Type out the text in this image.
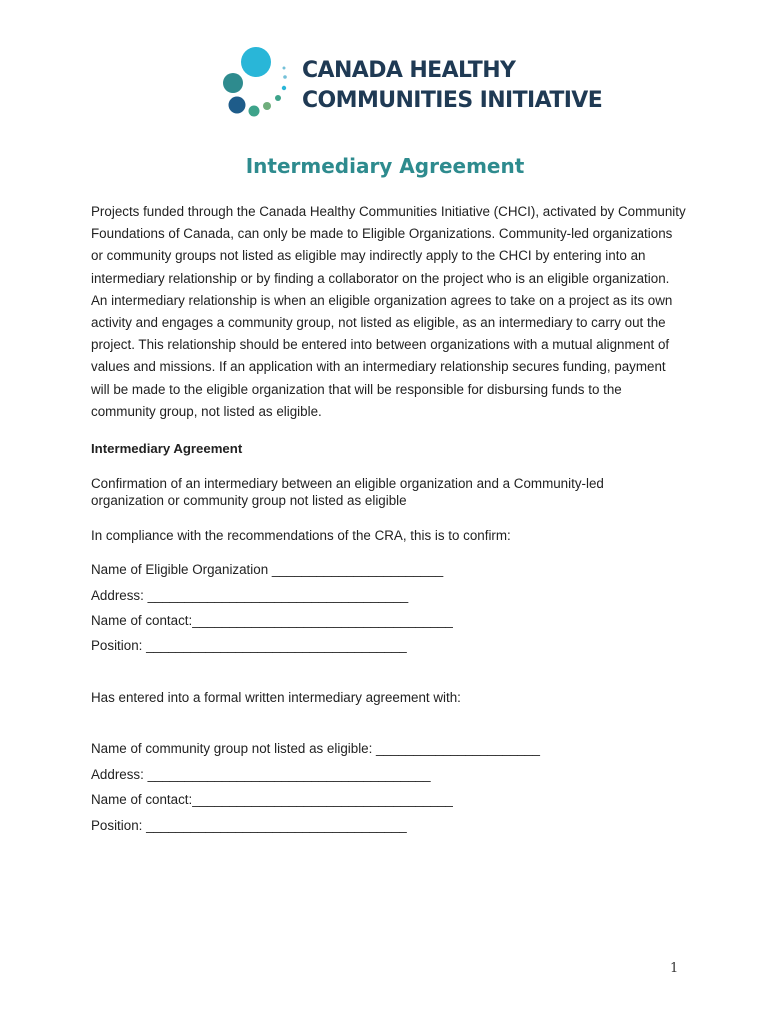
CANADA HEALTHY
COMMUNITIES INITIATIVE
Intermediary Agreement

Projects funded through the Canada Healthy Communities Initiative (CHCI), activated by Community Foundations of Canada, can only be made to Eligible Organizations. Community-led organizations or community groups not listed as eligible may indirectly apply to the CHCI by entering into an intermediary relationship or by finding a collaborator on the project who is an eligible organization. An intermediary relationship is when an eligible organization agrees to take on a project as its own activity and engages a community group, not listed as eligible, as an intermediary to carry out the project. This relationship should be entered into between organizations with a mutual alignment of values and missions. If an application with an intermediary relationship secures funding, payment will be made to the eligible organization that will be responsible for disbursing funds to the community group, not listed as eligible.

Intermediary Agreement

Confirmation of an intermediary between an eligible organization and a Community-led organization or community group not listed as eligible

In compliance with the recommendations of the CRA, this is to confirm:

Name of Eligible Organization _______________________

Address: ___________________________________

Name of contact:___________________________________

Position: ___________________________________

Has entered into a formal written intermediary agreement with:

Name of community group not listed as eligible: ______________________

Address: ______________________________________

Name of contact:___________________________________

Position: ___________________________________

1
